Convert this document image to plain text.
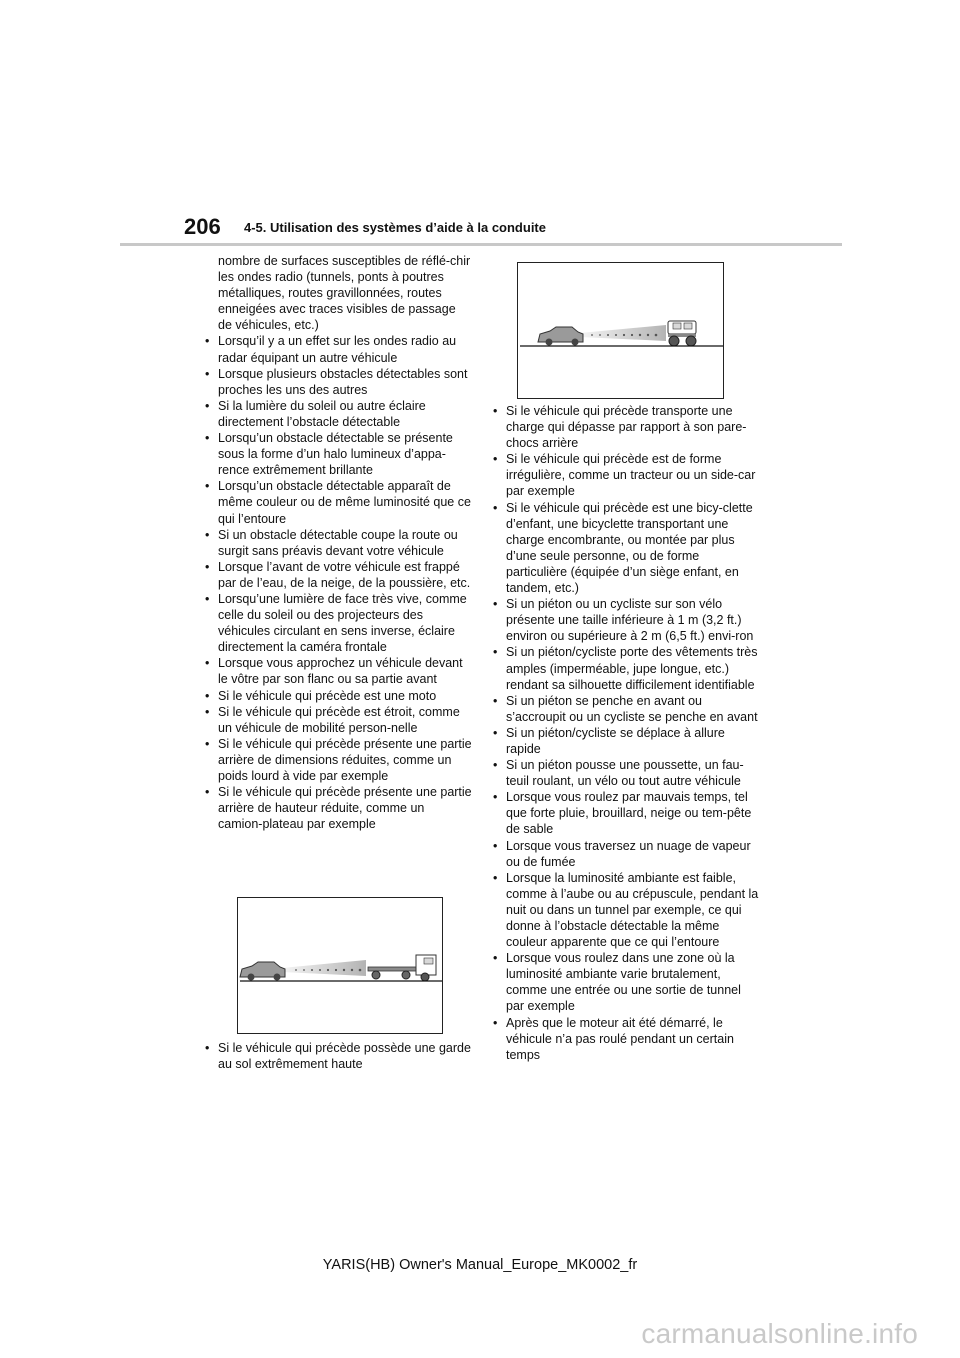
206 4-5. Utilisation des systèmes d’aide à la conduite
nombre de surfaces susceptibles de réflé-chir les ondes radio (tunnels, ponts à poutres métalliques, routes gravillonnées, routes enneigées avec traces visibles de passage de véhicules, etc.)
• Lorsqu’il y a un effet sur les ondes radio au radar équipant un autre véhicule
• Lorsque plusieurs obstacles détectables sont proches les uns des autres
• Si la lumière du soleil ou autre éclaire directement l’obstacle détectable
• Lorsqu’un obstacle détectable se présente sous la forme d’un halo lumineux d’appa-rence extrêmement brillante
• Lorsqu’un obstacle détectable apparaît de même couleur ou de même luminosité que ce qui l’entoure
• Si un obstacle détectable coupe la route ou surgit sans préavis devant votre véhicule
• Lorsque l’avant de votre véhicule est frappé par de l’eau, de la neige, de la poussière, etc.
• Lorsqu’une lumière de face très vive, comme celle du soleil ou des projecteurs des véhicules circulant en sens inverse, éclaire directement la caméra frontale
• Lorsque vous approchez un véhicule devant le vôtre par son flanc ou sa partie avant
• Si le véhicule qui précède est une moto
• Si le véhicule qui précède est étroit, comme un véhicule de mobilité person-nelle
• Si le véhicule qui précède présente une partie arrière de dimensions réduites, comme un poids lourd à vide par exemple
• Si le véhicule qui précède présente une partie arrière de hauteur réduite, comme un camion-plateau par exemple
• Si le véhicule qui précède possède une garde au sol extrêmement haute
• Si le véhicule qui précède transporte une charge qui dépasse par rapport à son pare-chocs arrière
• Si le véhicule qui précède est de forme irrégulière, comme un tracteur ou un side-car par exemple
• Si le véhicule qui précède est une bicy-clette d’enfant, une bicyclette transportant une charge encombrante, ou montée par plus d’une seule personne, ou de forme particulière (équipée d’un siège enfant, en tandem, etc.)
• Si un piéton ou un cycliste sur son vélo présente une taille inférieure à 1 m (3,2 ft.) environ ou supérieure à 2 m (6,5 ft.) envi-ron
• Si un piéton/cycliste porte des vêtements très amples (imperméable, jupe longue, etc.) rendant sa silhouette difficilement identifiable
• Si un piéton se penche en avant ou s’accroupit ou un cycliste se penche en avant
• Si un piéton/cycliste se déplace à allure rapide
• Si un piéton pousse une poussette, un fau-teuil roulant, un vélo ou tout autre véhicule
• Lorsque vous roulez par mauvais temps, tel que forte pluie, brouillard, neige ou tem-pête de sable
• Lorsque vous traversez un nuage de vapeur ou de fumée
• Lorsque la luminosité ambiante est faible, comme à l’aube ou au crépuscule, pendant la nuit ou dans un tunnel par exemple, ce qui donne à l’obstacle détectable la même couleur apparente que ce qui l’entoure
• Lorsque vous roulez dans une zone où la luminosité ambiante varie brutalement, comme une entrée ou une sortie de tunnel par exemple
• Après que le moteur ait été démarré, le véhicule n’a pas roulé pendant un certain temps
YARIS(HB) Owner's Manual_Europe_MK0002_fr
carmanualsonline.info
